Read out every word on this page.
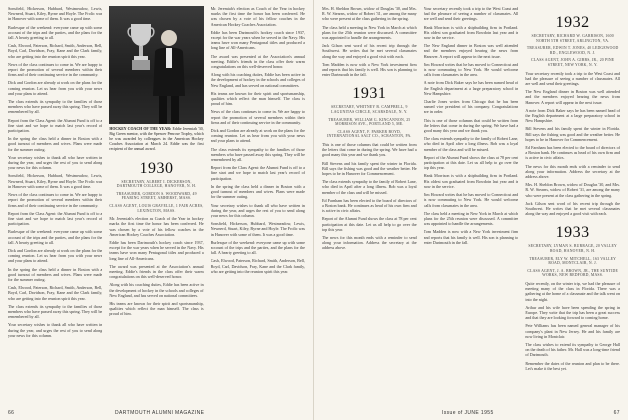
Sonsfield, Hickerson, Hubbard, Westmeadow, Lewis, Newnerd, Stuart, Kiley, Byrne and Hoyle. The Frolic was in Hanover with some of them. It was a good time.

Burlesque of the weekend: everyone came up with some account of the trips and the parties, and the plans for the fall. A hearty greeting to all.

Cash, Elwood, Paterson, Richard, Smith, Anderson, Bell, Boyd, Carl, Davidson, Fray, Kane and the Clark family, who are getting into the reunion spirit this year.

News of the class continues to come in. We are happy to report the promotion of several members within their firms and of their continuing service in the community.

Dick and Gordon are already at work on the plans for the coming reunion. Let us hear from you with your news and your plans to attend.

The class extends its sympathy to the families of those members who have passed away this spring. They will be remembered by all.

Report from the Class Agent: the Alumni Fund is off to a fine start and we hope to match last year's record of participation.

In the spring the class held a dinner in Boston with a good turnout of members and wives. Plans were made for the summer outing.

Your secretary wishes to thank all who have written in during the year, and urges the rest of you to send along your news for this column.

Sonsfield, Hickerson, Hubbard, Westmeadow, Lewis, Newnerd, Stuart, Kiley, Byrne and Hoyle. The Frolic was in Hanover with some of them. It was a good time.

News of the class continues to come in. We are happy to report the promotion of several members within their firms and of their continuing service in the community.

Report from the Class Agent: the Alumni Fund is off to a fine start and we hope to match last year's record of participation.

Burlesque of the weekend: everyone came up with some account of the trips and the parties, and the plans for the fall. A hearty greeting to all.

Dick and Gordon are already at work on the plans for the coming reunion. Let us hear from you with your news and your plans to attend.

In the spring the class held a dinner in Boston with a good turnout of members and wives. Plans were made for the summer outing.

Cash, Elwood, Paterson, Richard, Smith, Anderson, Bell, Boyd, Carl, Davidson, Fray, Kane and the Clark family, who are getting into the reunion spirit this year.

The class extends its sympathy to the families of those members who have passed away this spring. They will be remembered by all.

Your secretary wishes to thank all who have written in during the year, and urges the rest of you to send along your news for this column.

HOCKEY COACH OF THE YEAR: Eddie Jeremiah '30, Big Green mentor, with the Spencer Penrose Trophy, which he was awarded by colleagues in the American Hockey Coaches Association at March 24. Eddie was the first recipient of the annual award.

1930

SECRETARY, ALBERT I. DICKERSON, DARTMOUTH COLLEGE, HANOVER, N. H.

TREASURER, GORDON S. WOODWARD, 49 FEARING STREET, AMHERST, MASS.

CLASS AGENT, LOUIS GRAVELLE, 1 FAIR ACRES, LEXINGTON, MASS.

Mr. Jeremiah's election as Coach of the Year in hockey marks the first time the honor has been conferred. He was chosen by a vote of his fellow coaches in the American Hockey Coaches Association.

Eddie has been Dartmouth's hockey coach since 1937, except for the war years when he served in the Navy. His teams have won many Pentagonal titles and produced a long line of All-Americans.

The award was presented at the Association's annual meeting. Eddie's friends in the class offer their warm congratulations on this well-deserved honor.

Along with his coaching duties, Eddie has been active in the development of hockey in the schools and colleges of New England, and has served on national committees.

His teams are known for their spirit and sportsmanship, qualities which reflect the man himself. The class is proud of him.

Mr. Jeremiah's election as Coach of the Year in hockey marks the first time the honor has been conferred. He was chosen by a vote of his fellow coaches in the American Hockey Coaches Association.

Eddie has been Dartmouth's hockey coach since 1937, except for the war years when he served in the Navy. His teams have won many Pentagonal titles and produced a long line of All-Americans.

The award was presented at the Association's annual meeting. Eddie's friends in the class offer their warm congratulations on this well-deserved honor.

Along with his coaching duties, Eddie has been active in the development of hockey in the schools and colleges of New England, and has served on national committees.

His teams are known for their spirit and sportsmanship, qualities which reflect the man himself. The class is proud of him.

News of the class continues to come in. We are happy to report the promotion of several members within their firms and of their continuing service in the community.

Dick and Gordon are already at work on the plans for the coming reunion. Let us hear from you with your news and your plans to attend.

The class extends its sympathy to the families of those members who have passed away this spring. They will be remembered by all.

Report from the Class Agent: the Alumni Fund is off to a fine start and we hope to match last year's record of participation.

In the spring the class held a dinner in Boston with a good turnout of members and wives. Plans were made for the summer outing.

Your secretary wishes to thank all who have written in during the year, and urges the rest of you to send along your news for this column.

Sonsfield, Hickerson, Hubbard, Westmeadow, Lewis, Newnerd, Stuart, Kiley, Byrne and Hoyle. The Frolic was in Hanover with some of them. It was a good time.

Burlesque of the weekend: everyone came up with some account of the trips and the parties, and the plans for the fall. A hearty greeting to all.

Cash, Elwood, Paterson, Richard, Smith, Anderson, Bell, Boyd, Carl, Davidson, Fray, Kane and the Clark family, who are getting into the reunion spirit this year.

66	DARTMOUTH ALUMNI MAGAZINE

Mrs. H. Sheldon Brown, widow of Douglas '30, and Mrs. R. W. Stearns, widow of Robert '31, are among the many who were present at the class gathering in the spring.

The class held a meeting in New York in March at which plans for the 25th reunion were discussed. A committee was appointed to handle the arrangements.

Jack Gilson sent word of his recent trip through the Southwest. He writes that he met several classmates along the way and enjoyed a good visit with each.

Tom Madden is now with a New York investment firm and reports that his family is well. His son is planning to enter Dartmouth in the fall.

1931

SECRETARY, WHITNEY B. CAMPBELL, 9 LAGUNITAS CIRCLE, SCARSDALE, N. Y.

TREASURER, WILLIAM G. KINCANNON, 25 MORRISON AVE., PORTLAND 5, ME.

CLASS AGENT, F. PARKER BOYD, INTERNATIONAL SALT CO., SCRANTON, PA.

This is one of those columns that could be written from the letters that come in during the spring. We have had a good many this year and we thank you.

Bill Stevens and his family spent the winter in Florida. Bill says the fishing was good and the weather better. He hopes to be in Hanover for Commencement.

The class extends sympathy to the family of Robert Lane, who died in April after a long illness. Bob was a loyal member of the class and will be missed.

Ed Farnham has been elected to the board of directors of a Boston bank. He continues as head of his own firm and is active in civic affairs.

Report of the Alumni Fund shows the class at 78 per cent participation at this date. Let us all help to go over the top this year.

The news for this month ends with a reminder to send along your information. Address the secretary at the address above.

Your secretary recently took a trip to the West Coast and had the pleasure of seeing a number of classmates. All are well and send their greetings.

Hank Morrison is with a shipbuilding firm in Portland. His oldest son graduated from Bowdoin last year and is now in the service.

The New England dinner in Boston was well attended and the members enjoyed hearing the news from Hanover. A report will appear in the next issue.

Jim Howard writes that he has moved to Connecticut and is now commuting to New York. He would welcome calls from classmates in the area.

A note from Dick Baker says he has been named head of the English department at a large preparatory school in New Hampshire.

Charlie Jones writes from Chicago that he has been named vice president of his company. Congratulations are in order.

This is one of those columns that could be written from the letters that come in during the spring. We have had a good many this year and we thank you.

The class extends sympathy to the family of Robert Lane, who died in April after a long illness. Bob was a loyal member of the class and will be missed.

Report of the Alumni Fund shows the class at 78 per cent participation at this date. Let us all help to go over the top this year.

Hank Morrison is with a shipbuilding firm in Portland. His oldest son graduated from Bowdoin last year and is now in the service.

Jim Howard writes that he has moved to Connecticut and is now commuting to New York. He would welcome calls from classmates in the area.

The class held a meeting in New York in March at which plans for the 25th reunion were discussed. A committee was appointed to handle the arrangements.

Tom Madden is now with a New York investment firm and reports that his family is well. His son is planning to enter Dartmouth in the fall.

1932

SECRETARY, RICHARD W. GARRISON, 1600 NORTH 5TH STREET, ARLINGTON, VA.

TREASURER, EDWIN T. JONES, 40 LEDGEWOOD RD., ENGLEWOOD, N. J.

CLASS AGENT, JOHN A. GIBBS, JR., 20 PINE STREET, NEW YORK, N. Y.

Your secretary recently took a trip to the West Coast and had the pleasure of seeing a number of classmates. All are well and send their greetings.

The New England dinner in Boston was well attended and the members enjoyed hearing the news from Hanover. A report will appear in the next issue.

A note from Dick Baker says he has been named head of the English department at a large preparatory school in New Hampshire.

Bill Stevens and his family spent the winter in Florida. Bill says the fishing was good and the weather better. He hopes to be in Hanover for Commencement.

Ed Farnham has been elected to the board of directors of a Boston bank. He continues as head of his own firm and is active in civic affairs.

The news for this month ends with a reminder to send along your information. Address the secretary at the address above.

Mrs. H. Sheldon Brown, widow of Douglas '30, and Mrs. R. W. Stearns, widow of Robert '31, are among the many who were present at the class gathering in the spring.

Jack Gilson sent word of his recent trip through the Southwest. He writes that he met several classmates along the way and enjoyed a good visit with each.

1933

SECRETARY, LYMAN S. BURRAGE, 20 VALLEY ROAD, HANOVER, N. H.

TREASURER, ELY W. MITCHELL, 163 VALLEY ROAD, MONTCLAIR, N. J.

CLASS AGENT, J. A. BROWN, JR., THE SUNTIDE WORKS, NEW BEDFORD, MASS.

Quite recently, on the winter trip, we had the pleasure of meeting many of the class in Florida. There was a gathering at the home of a classmate and the talk went on into the night.

Arthur and his wife have been spending the spring in Europe. They write that the trip has been a great success and that they are looking forward to coming home.

Pete Williams has been named general manager of his company's plant in New Jersey. He and his family are now living in Montclair.

The class wishes to extend its sympathy to George Hall on the death of his father. Mr. Hall was a long-time friend of Dartmouth.

Remember the dates of the reunion and plan to be there. Let's make it the best yet.

Issue of JUNE 1955	67
